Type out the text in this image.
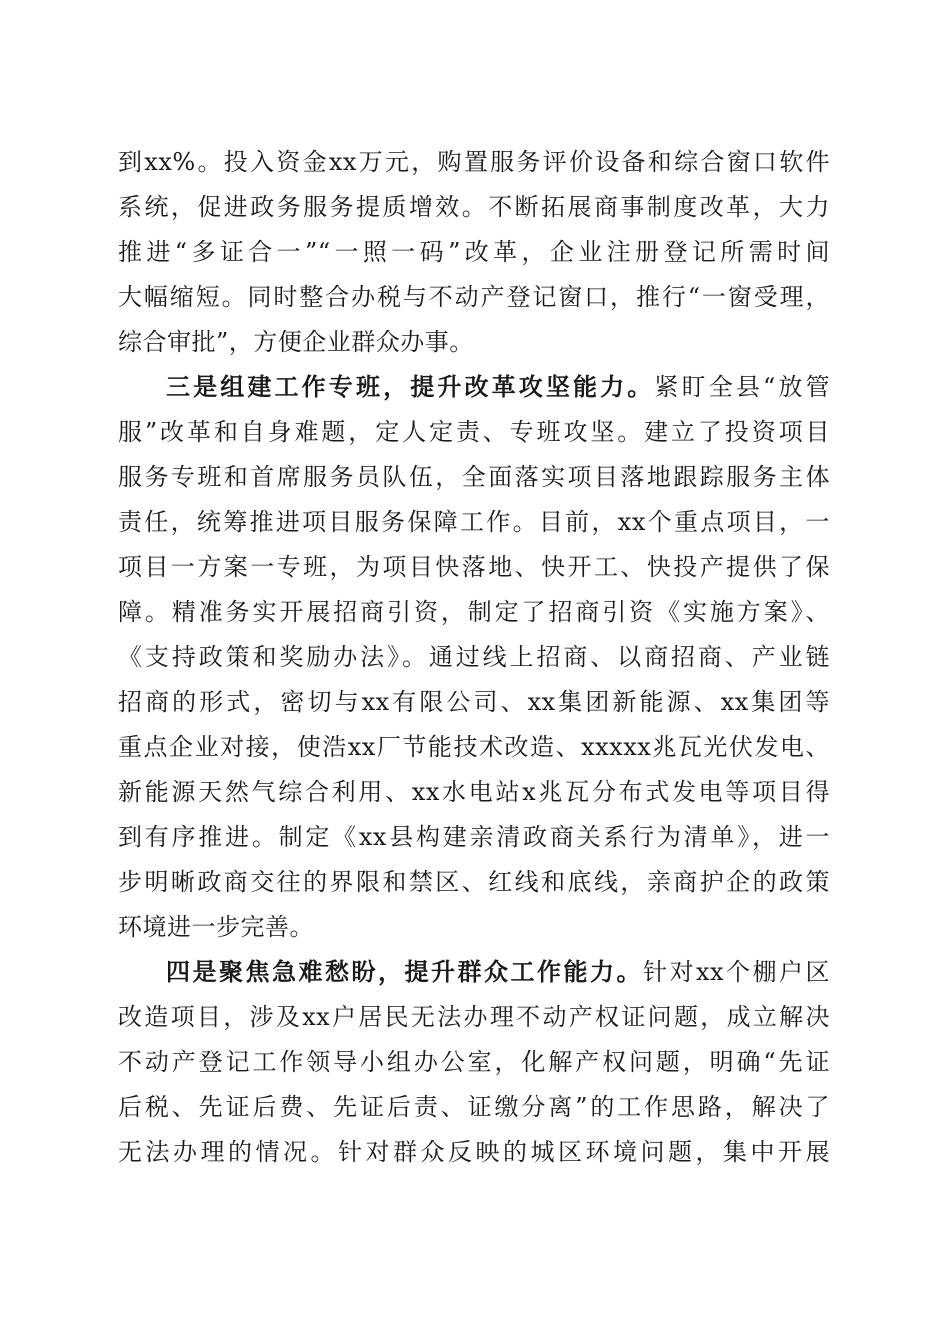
到xx%。投入资金xx万元，购置服务评价设备和综合窗口软件
系统，促进政务服务提质增效。不断拓展商事制度改革，大力
推进“多证合一”“一照一码”改革，企业注册登记所需时间
大幅缩短。同时整合办税与不动产登记窗口，推行“一窗受理，
综合审批”，方便企业群众办事。
三是组建工作专班，提升改革攻坚能力。紧盯全县“放管
服”改革和自身难题，定人定责、专班攻坚。建立了投资项目
服务专班和首席服务员队伍，全面落实项目落地跟踪服务主体
责任，统筹推进项目服务保障工作。目前，xx个重点项目，一
项目一方案一专班，为项目快落地、快开工、快投产提供了保
障。精准务实开展招商引资，制定了招商引资《实施方案》、
《支持政策和奖励办法》。通过线上招商、以商招商、产业链
招商的形式，密切与xx有限公司、xx集团新能源、xx集团等
重点企业对接，使浩xx厂节能技术改造、xxxxx兆瓦光伏发电、
新能源天然气综合利用、xx水电站x兆瓦分布式发电等项目得
到有序推进。制定《xx县构建亲清政商关系行为清单》，进一
步明晰政商交往的界限和禁区、红线和底线，亲商护企的政策
环境进一步完善。
四是聚焦急难愁盼，提升群众工作能力。针对xx个棚户区
改造项目，涉及xx户居民无法办理不动产权证问题，成立解决
不动产登记工作领导小组办公室，化解产权问题，明确“先证
后税、先证后费、先证后责、证缴分离”的工作思路，解决了
无法办理的情况。针对群众反映的城区环境问题，集中开展
